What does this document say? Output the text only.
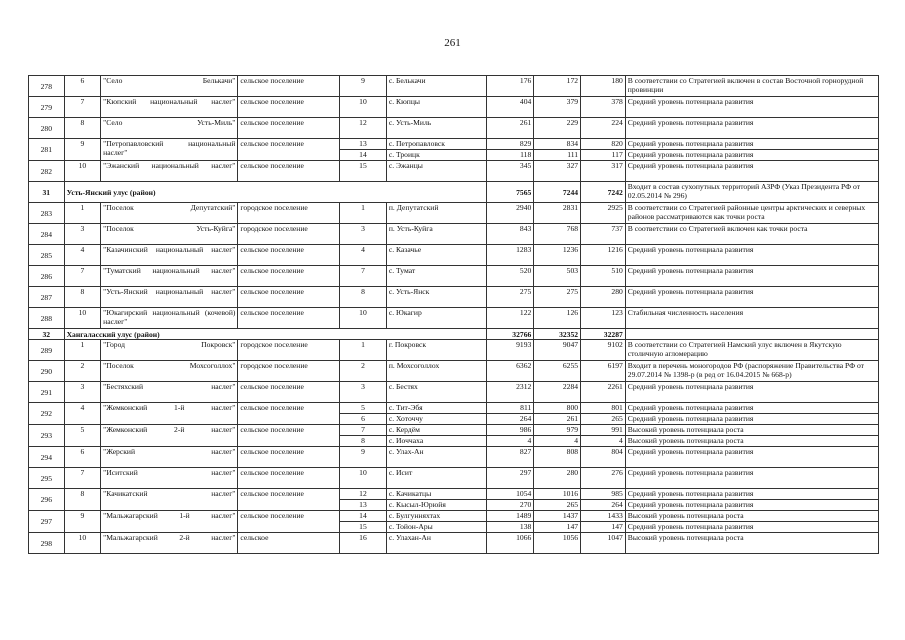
261
278	6	"Село Белькачи"	сельское поселение	9	с. Белькачи	176	172	180	В соответствии со Стратегией включен в состав Восточной горнорудной провинции
279	7	"Кюпский национальный наслег"	сельское поселение	10	с. Кюпцы	404	379	378	Средний уровень потенциала развития
280	8	"Село Усть-Миль"	сельское поселение	12	с. Усть-Миль	261	229	224	Средний уровень потенциала развития
281	9	"Петропавловский национальный наслег"	сельское поселение	13	с. Петропавловск	829	834	820	Средний уровень потенциала развития
				14	с. Троицк	118	111	117	Средний уровень потенциала развития
282	10	"Эжанский национальный наслег"	сельское поселение	15	с. Эжанцы	345	327	317	Средний уровень потенциала развития
31	Усть-Янский улус (район)					7565	7244	7242	Входит в состав сухопутных территорий АЗРФ (Указ Президента РФ от 02.05.2014 № 296)
283	1	"Поселок Депутатский"	городское поселение	1	п. Депутатский	2940	2831	2925	В соответствии со Стратегией районные центры арктических и северных районов рассматриваются как точки роста
284	3	"Поселок Усть-Куйга"	городское поселение	3	п. Усть-Куйга	843	768	737	В соответствии со Стратегией включен как точки роста
285	4	"Казачинский национальный наслег"	сельское поселение	4	с. Казачье	1283	1236	1216	Средний уровень потенциала развития
286	7	"Туматский национальный наслег"	сельское поселение	7	с. Тумат	520	503	510	Средний уровень потенциала развития
287	8	"Усть-Янский национальный наслег"	сельское поселение	8	с. Усть-Янск	275	275	280	Средний уровень потенциала развития
288	10	"Юкагирский национальный (кочевой) наслег"	сельское поселение	10	с. Юкагир	122	126	123	Стабильная численность населения
32	Хангаласский улус (район)					32766	32352	32287	
289	1	"Город Покровск"	городское поселение	1	г. Покровск	9193	9047	9102	В соответствии со Стратегией Намский улус включен в Якутскую столичную агломерацию
290	2	"Поселок Мохсоголлох"	городское поселение	2	п. Мохсоголлох	6362	6255	6197	Входит в перечень моногородов РФ (распоряжение Правительства РФ от 29.07.2014 № 1398-р (в ред от 16.04.2015 № 668-р)
291	3	"Бестяхский наслег"	сельское поселение	3	с. Бестях	2312	2284	2261	Средний уровень потенциала развития
292	4	"Жемконский 1-й наслег"	сельское поселение	5	с. Тит-Эбя	811	800	801	Средний уровень потенциала развития
				6	с. Хоточчу	264	261	265	Средний уровень потенциала развития
293	5	"Жемконский 2-й наслег"	сельское поселение	7	с. Кердём	986	979	991	Высокий уровень потенциала роста
				8	с. Иоччаха	4	4	4	Высокий уровень потенциала роста
294	6	"Жерский наслег"	сельское поселение	9	с. Улах-Ан	827	808	804	Средний уровень потенциала развития
295	7	"Иситский наслег"	сельское поселение	10	с. Исит	297	280	276	Средний уровень потенциала развития
296	8	"Качикатский наслег"	сельское поселение	12	с. Качикатцы	1054	1016	985	Средний уровень потенциала развития
				13	с. Кысыл-Юрюйя	270	265	264	Средний уровень потенциала развития
297	9	"Мальжагарский 1-й наслег"	сельское поселение	14	с. Булгунняхтах	1489	1437	1433	Высокий уровень потенциала роста
				15	с. Тойон-Ары	138	147	147	Средний уровень потенциала развития
298	10	"Мальжагарский 2-й наслег"	сельское	16	с. Улахан-Ан	1066	1056	1047	Высокий уровень потенциала роста
